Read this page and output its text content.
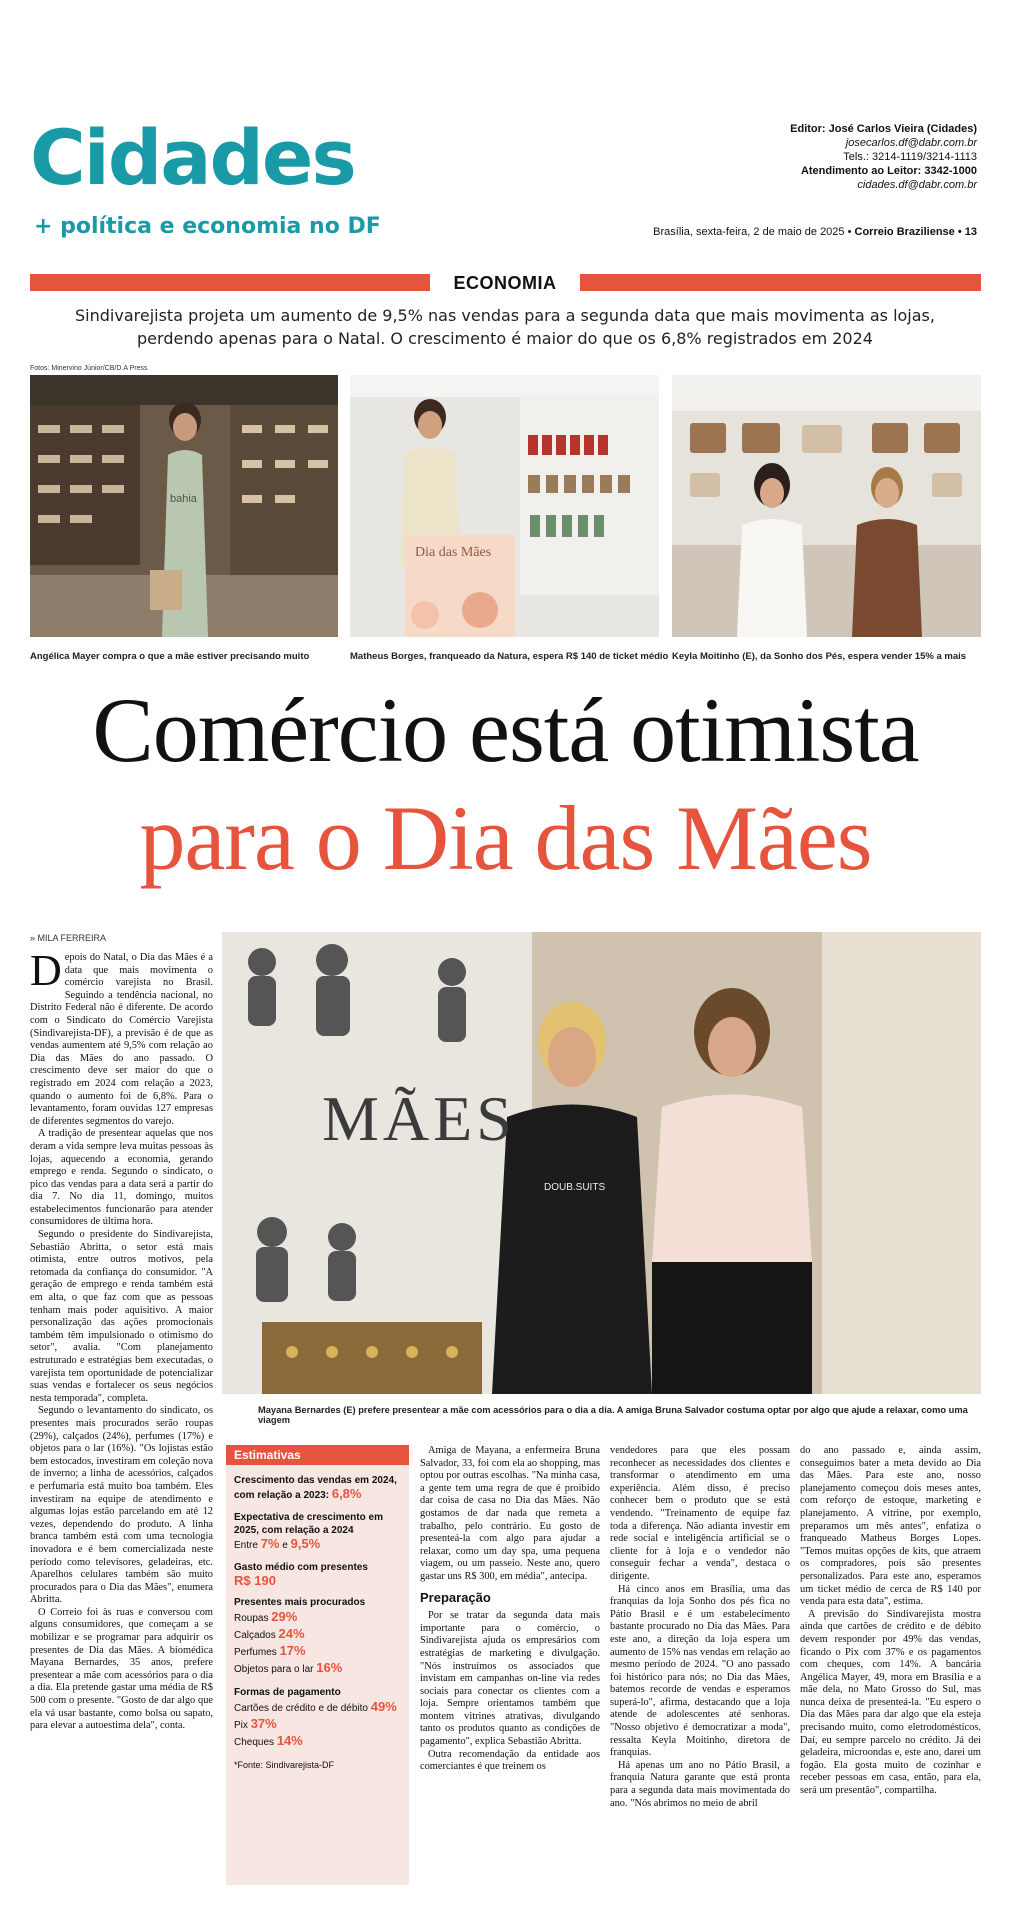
Cidades
+ política e economia no DF
Editor: José Carlos Vieira (Cidades)
josecarlos.df@dabr.com.br
Tels.: 3214-1119/3214-1113
Atendimento ao Leitor: 3342-1000
cidades.df@dabr.com.br
Brasília, sexta-feira, 2 de maio de 2025 • Correio Braziliense • 13
ECONOMIA
Sindivarejista projeta um aumento de 9,5% nas vendas para a segunda data que mais movimenta as lojas, perdendo apenas para o Natal. O crescimento é maior do que os 6,8% registrados em 2024
Fotos: Minervino Júnior/CB/D.A Press
bahia
Dia das Mães
Angélica Mayer compra o que a mãe estiver precisando muito	Matheus Borges, franqueado da Natura, espera R$ 140 de ticket médio Keyla Moitinho (E), da Sonho dos Pés, espera vender 15% a mais
Comércio está otimista
para o Dia das Mães
» MILA FERREIRA

Depois do Natal, o Dia das Mães é a data que mais movimenta o comércio varejista no Brasil. Seguindo a tendência nacional, no Distrito Federal não é diferente. De acordo com o Sindicato do Comércio Varejista (Sindivarejista-DF), a previsão é de que as vendas aumentem até 9,5% com relação ao Dia das Mães do ano passado. O crescimento deve ser maior do que o registrado em 2024 com relação a 2023, quando o aumento foi de 6,8%. Para o levantamento, foram ouvidas 127 empresas de diferentes segmentos do varejo.

A tradição de presentear aquelas que nos deram a vida sempre leva muitas pessoas às lojas, aquecendo a economia, gerando emprego e renda. Segundo o sindicato, o pico das vendas para a data será a partir do dia 7. No dia 11, domingo, muitos estabelecimentos funcionarão para atender consumidores de última hora.

Segundo o presidente do Sindivarejista, Sebastião Abritta, o setor está mais otimista, entre outros motivos, pela retomada da confiança do consumidor. "A geração de emprego e renda também está em alta, o que faz com que as pessoas tenham mais poder aquisitivo. A maior personalização das ações promocionais também têm impulsionado o otimismo do setor", avalia. "Com planejamento estruturado e estratégias bem executadas, o varejista tem oportunidade de potencializar suas vendas e fortalecer os seus negócios nesta temporada", completa.

Segundo o levantamento do sindicato, os presentes mais procurados serão roupas (29%), calçados (24%), perfumes (17%) e objetos para o lar (16%). "Os lojistas estão bem estocados, investiram em coleção nova de inverno; a linha de acessórios, calçados e perfumaria está muito boa também. Eles investiram na equipe de atendimento e algumas lojas estão parcelando em até 12 vezes, dependendo do produto. A linha branca também está com uma tecnologia inovadora e é bem comercializada neste período como televisores, geladeiras, etc. Aparelhos celulares também são muito procurados para o Dia das Mães", enumera Abritta.

O Correio foi às ruas e conversou com alguns consumidores, que começam a se mobilizar e se programar para adquirir os presentes de Dia das Mães. A biomédica Mayana Bernardes, 35 anos, prefere presentear a mãe com acessórios para o dia a dia. Ela pretende gastar uma média de R$ 500 com o presente. "Gosto de dar algo que ela vá usar bastante, como bolsa ou sapato, para elevar a autoestima dela", conta.

MÃES
DOUB.SUITS
Mayana Bernardes (E) prefere presentear a mãe com acessórios para o dia a dia. A amiga Bruna Salvador costuma optar por algo que ajude a relaxar, como uma viagem
Estimativas
Crescimento das vendas em 2024, com relação a 2023: 6,8%
Expectativa de crescimento em 2025, com relação a 2024
Entre 7% e 9,5%
Gasto médio com presentes
R$ 190
Presentes mais procurados
Roupas 29%
Calçados 24%
Perfumes 17%
Objetos para o lar 16%
Formas de pagamento
Cartões de crédito e de débito 49%
Pix 37%
Cheques 14%
*Fonte: Sindivarejista-DF

Amiga de Mayana, a enfermeira Bruna Salvador, 33, foi com ela ao shopping, mas optou por outras escolhas. "Na minha casa, a gente tem uma regra de que é proibido dar coisa de casa no Dia das Mães. Não gostamos de dar nada que remeta a trabalho, pelo contrário. Eu gosto de presenteá-la com algo para ajudar a relaxar, como um day spa, uma pequena viagem, ou um passeio. Neste ano, quero gastar uns R$ 300, em média", antecipa.

Preparação

Por se tratar da segunda data mais importante para o comércio, o Sindivarejista ajuda os empresários com estratégias de marketing e divulgação. "Nós instruímos os associados que invistam em campanhas on-line via redes sociais para conectar os clientes com a loja. Sempre orientamos também que montem vitrines atrativas, divulgando tanto os produtos quanto as condições de pagamento", explica Sebastião Abritta.

Outra recomendação da entidade aos comerciantes é que treinem os

vendedores para que eles possam reconhecer as necessidades dos clientes e transformar o atendimento em uma experiência. Além disso, é preciso conhecer bem o produto que se está vendendo. "Treinamento de equipe faz toda a diferença. Não adianta investir em rede social e inteligência artificial se o cliente for à loja e o vendedor não conseguir fechar a venda", destaca o dirigente.

Há cinco anos em Brasília, uma das franquias da loja Sonho dos pés fica no Pátio Brasil e é um estabelecimento bastante procurado no Dia das Mães. Para este ano, a direção da loja espera um aumento de 15% nas vendas em relação ao mesmo período de 2024. "O ano passado foi histórico para nós; no Dia das Mães, batemos recorde de vendas e esperamos superá-lo", afirma, destacando que a loja atende de adolescentes até senhoras. "Nosso objetivo é democratizar a moda", ressalta Keyla Moitinho, diretora de franquias.

Há apenas um ano no Pátio Brasil, a franquia Natura garante que está pronta para a segunda data mais movimentada do ano. "Nós abrimos no meio de abril

do ano passado e, ainda assim, conseguimos bater a meta devido ao Dia das Mães. Para este ano, nosso planejamento começou dois meses antes, com reforço de estoque, marketing e planejamento. A vitrine, por exemplo, preparamos um mês antes", enfatiza o franqueado Matheus Borges Lopes. "Temos muitas opções de kits, que atraem os compradores, pois são presentes personalizados. Para este ano, esperamos um ticket médio de cerca de R$ 140 por venda para esta data", estima.

A previsão do Sindivarejista mostra ainda que cartões de crédito e de débito devem responder por 49% das vendas, ficando o Pix com 37% e os pagamentos com cheques, com 14%. A bancária Angélica Mayer, 49, mora em Brasília e a mãe dela, no Mato Grosso do Sul, mas nunca deixa de presenteá-la. "Eu espero o Dia das Mães para dar algo que ela esteja precisando muito, como eletrodomésticos. Daí, eu sempre parcelo no crédito. Já dei geladeira, microondas e, este ano, darei um fogão. Ela gosta muito de cozinhar e receber pessoas em casa, então, para ela, será um presentão", compartilha.
